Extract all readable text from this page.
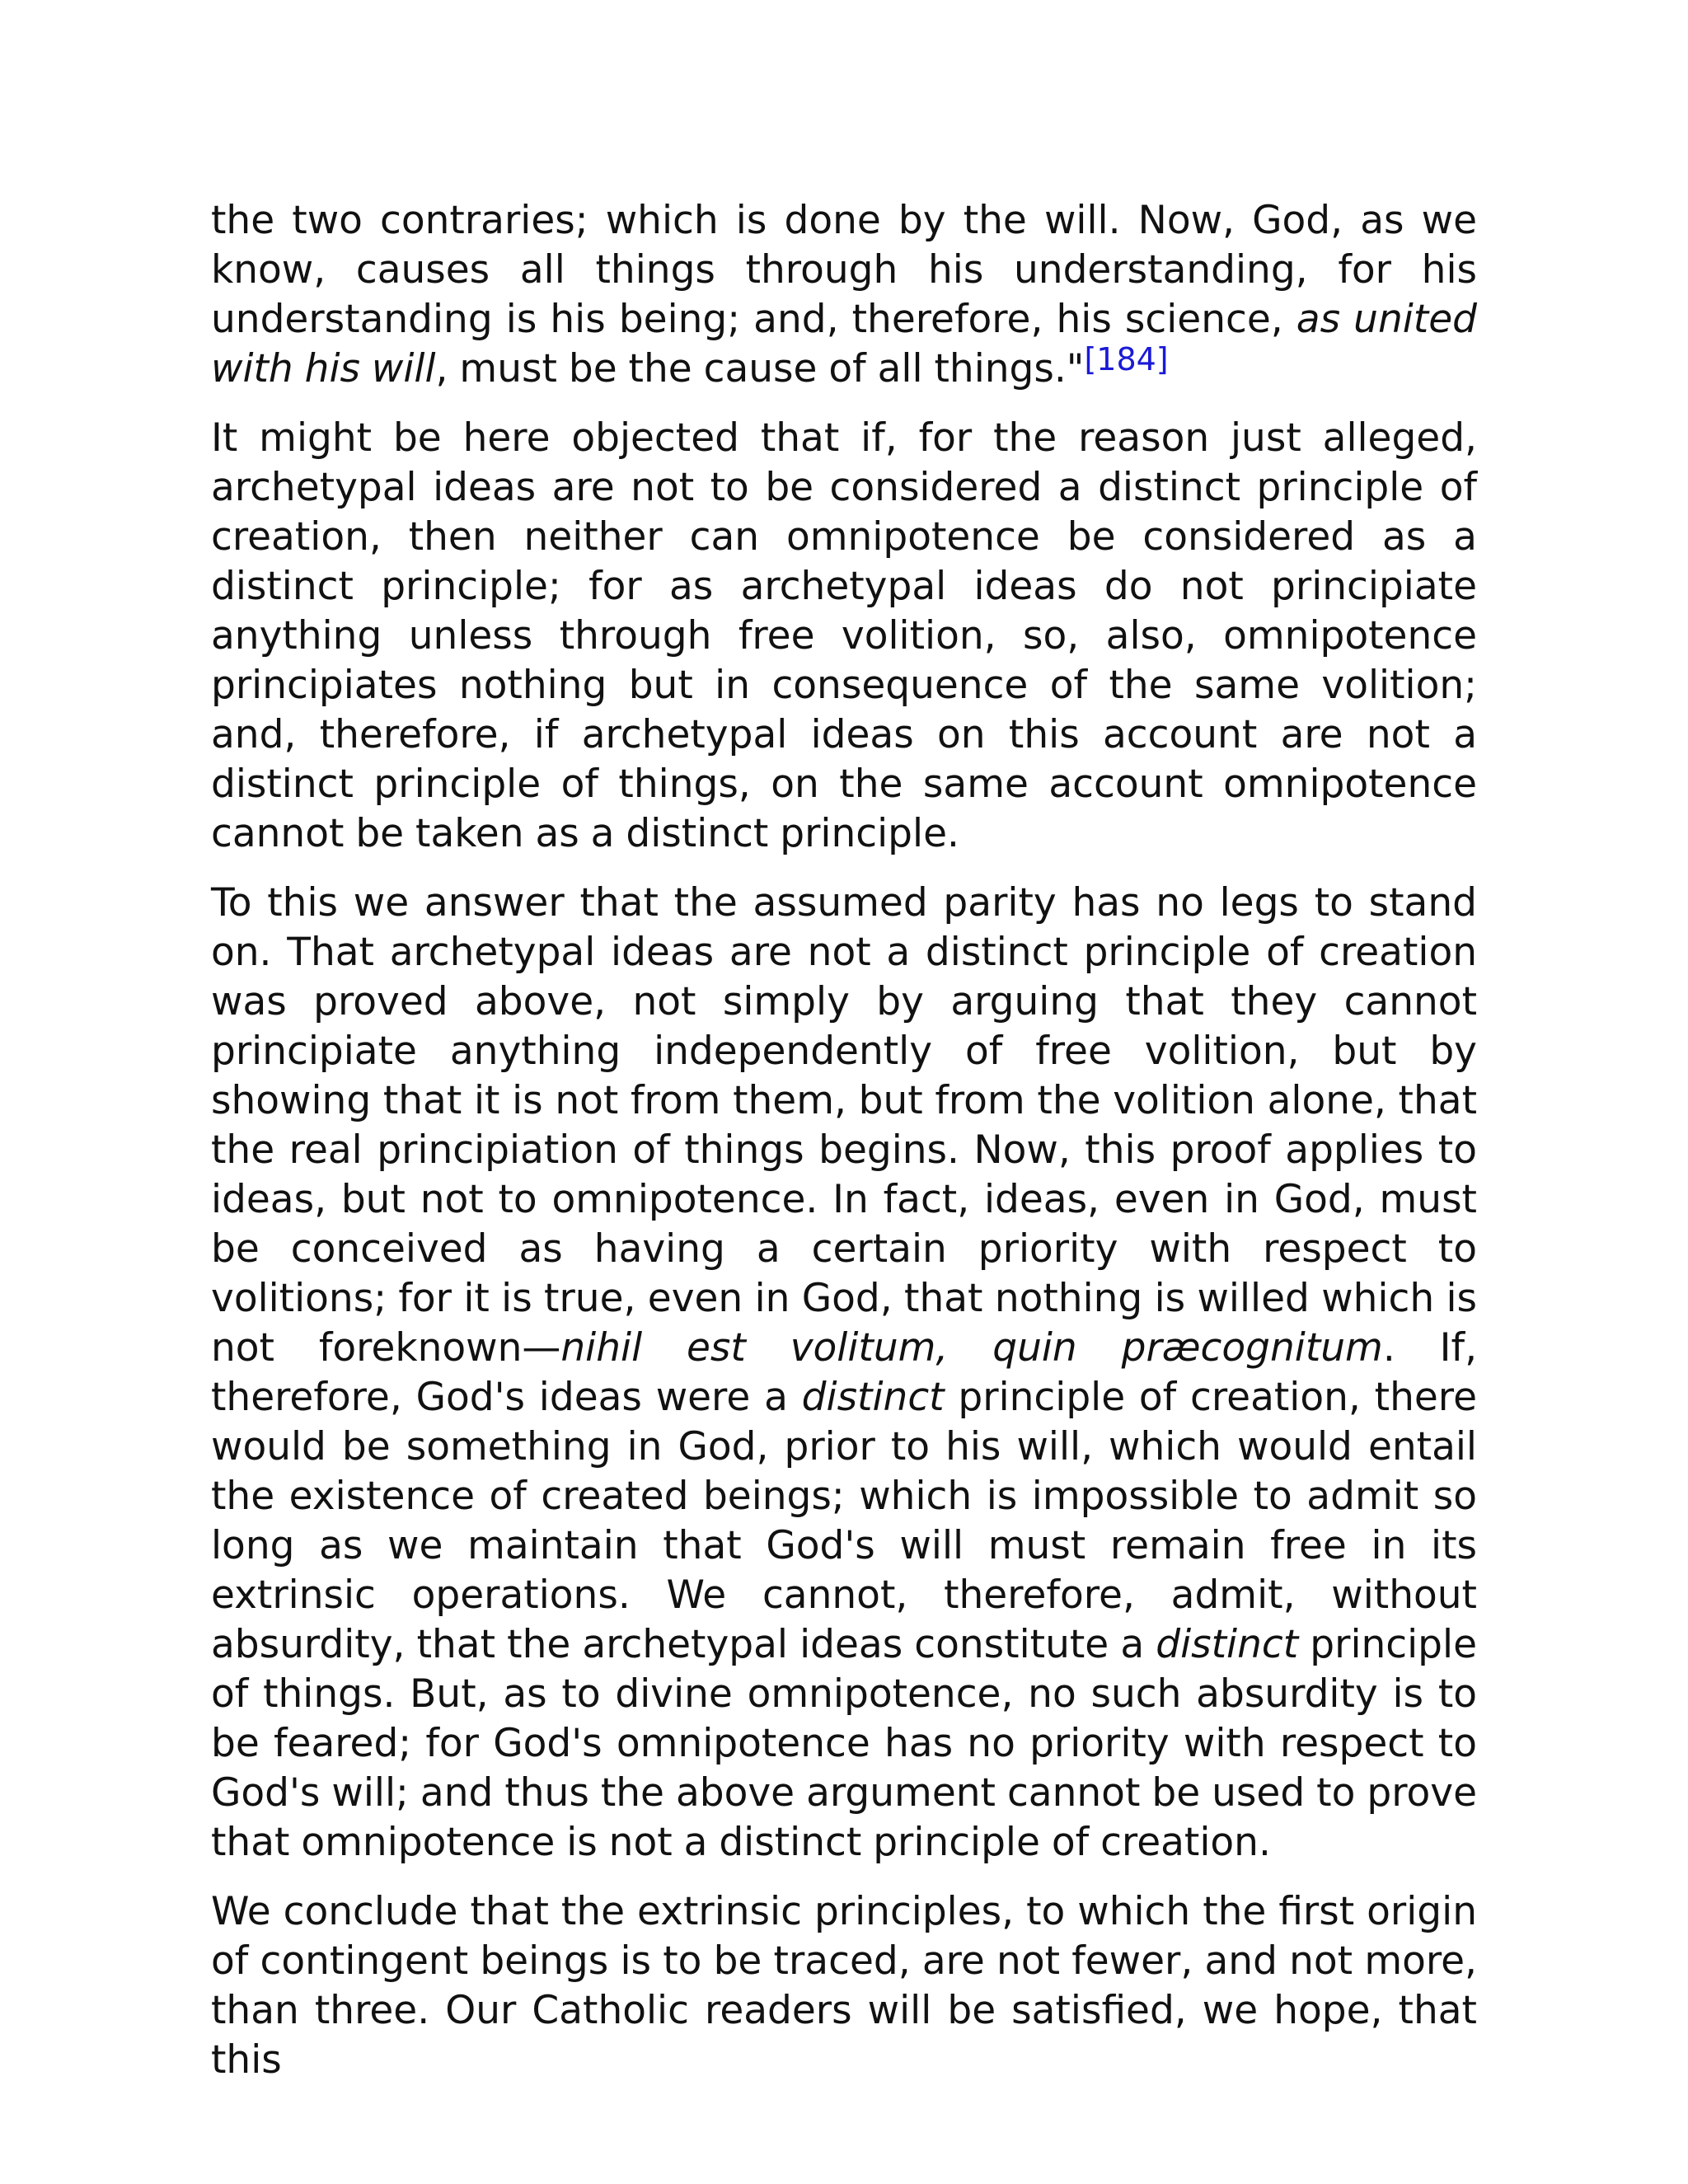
the two contraries; which is done by the will. Now, God, as we know, causes all things through his understanding, for his understanding is his being; and, therefore, his science, as united with his will, must be the cause of all things."[184]

It might be here objected that if, for the reason just alleged, archetypal ideas are not to be considered a distinct principle of creation, then neither can omnipotence be considered as a distinct principle; for as archetypal ideas do not principiate anything unless through free volition, so, also, omnipotence principiates nothing but in consequence of the same volition; and, therefore, if archetypal ideas on this account are not a distinct principle of things, on the same account omnipotence cannot be taken as a distinct principle.

To this we answer that the assumed parity has no legs to stand on. That archetypal ideas are not a distinct principle of creation was proved above, not simply by arguing that they cannot principiate anything independently of free volition, but by showing that it is not from them, but from the volition alone, that the real principiation of things begins. Now, this proof applies to ideas, but not to omnipotence. In fact, ideas, even in God, must be conceived as having a certain priority with respect to volitions; for it is true, even in God, that nothing is willed which is not foreknown—nihil est volitum, quin præcognitum. If, therefore, God's ideas were a distinct principle of creation, there would be something in God, prior to his will, which would entail the existence of created beings; which is impossible to admit so long as we maintain that God's will must remain free in its extrinsic operations. We cannot, therefore, admit, without absurdity, that the archetypal ideas constitute a distinct principle of things. But, as to divine omnipotence, no such absurdity is to be feared; for God's omnipotence has no priority with respect to God's will; and thus the above argument cannot be used to prove that omnipotence is not a distinct principle of creation.

We conclude that the extrinsic principles, to which the first origin of contingent beings is to be traced, are not fewer, and not more, than three. Our Catholic readers will be satisfied, we hope, that this
